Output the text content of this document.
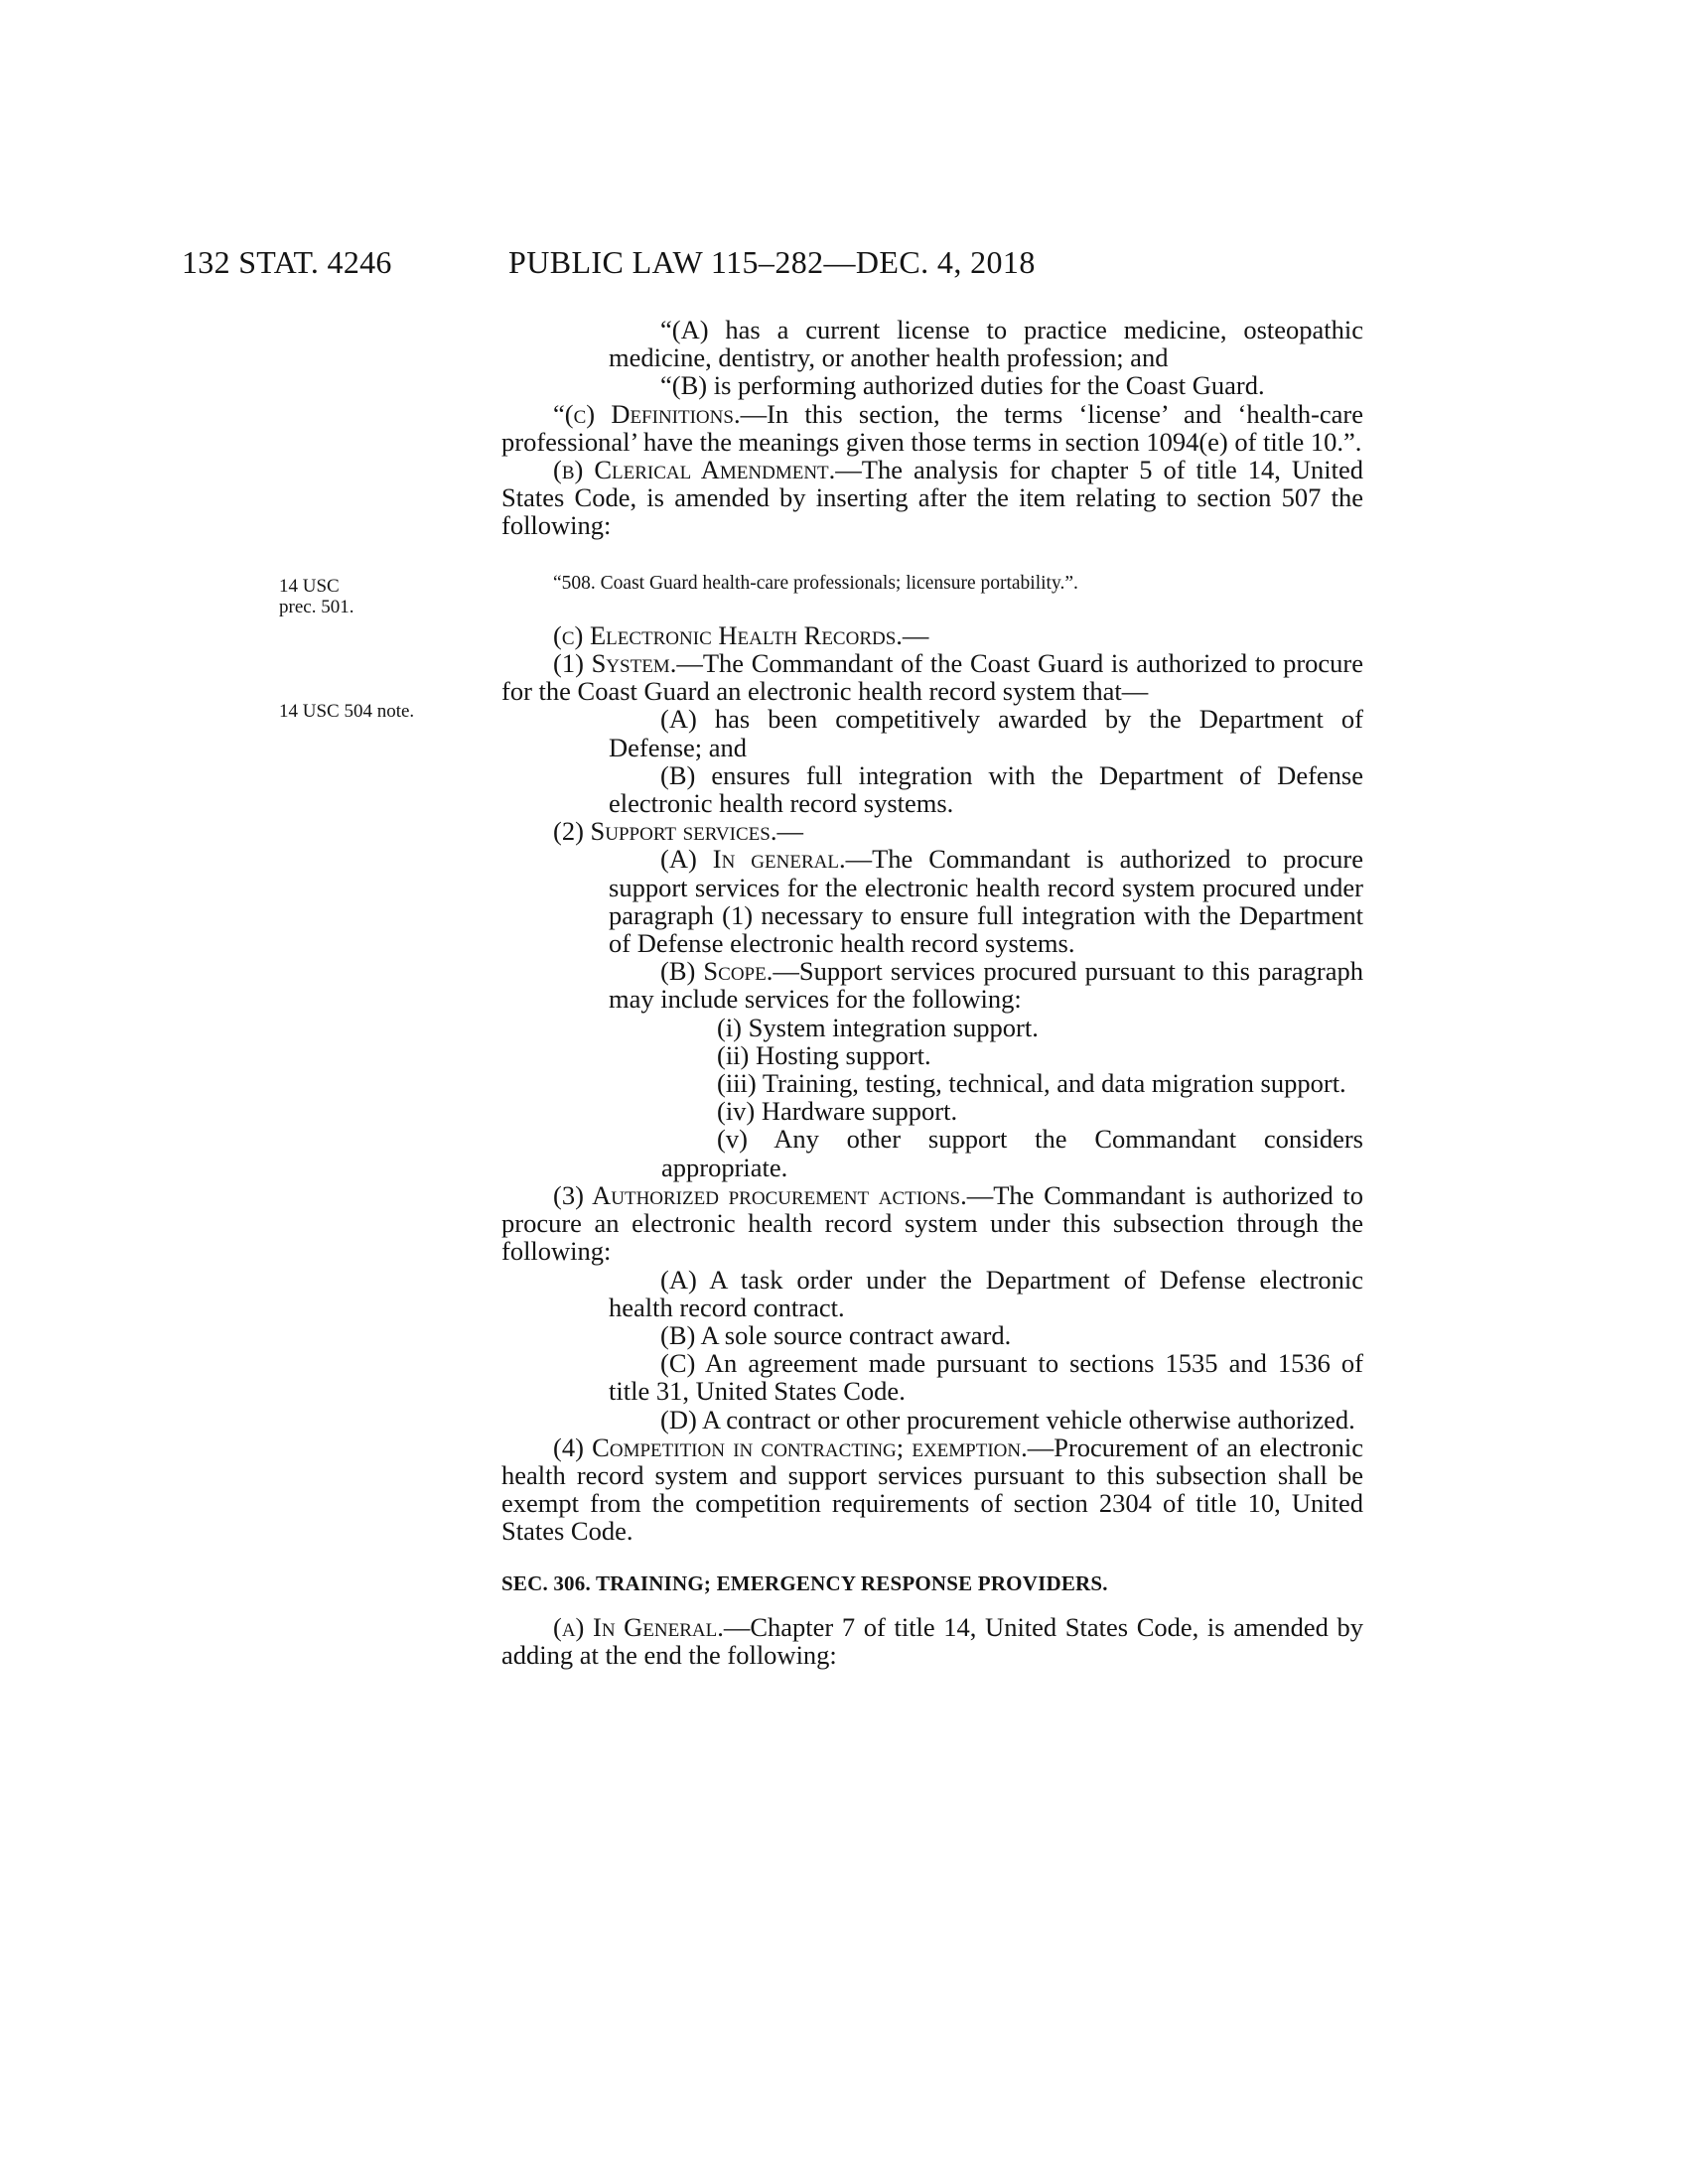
132 STAT. 4246	PUBLIC LAW 115–282—DEC. 4, 2018
14 USC
prec. 501.
14 USC 504 note.

“(A) has a current license to practice medicine, osteopathic medicine, dentistry, or another health profession; and

“(B) is performing authorized duties for the Coast Guard.

“(c) Definitions.—In this section, the terms ‘license’ and ‘health-care professional’ have the meanings given those terms in section 1094(e) of title 10.”.

(b) Clerical Amendment.—The analysis for chapter 5 of title 14, United States Code, is amended by inserting after the item relating to section 507 the following:

“508. Coast Guard health-care professionals; licensure portability.”.

(c) Electronic Health Records.—

(1) System.—The Commandant of the Coast Guard is authorized to procure for the Coast Guard an electronic health record system that—

(A) has been competitively awarded by the Department of Defense; and

(B) ensures full integration with the Department of Defense electronic health record systems.

(2) Support services.—

(A) In general.—The Commandant is authorized to procure support services for the electronic health record system procured under paragraph (1) necessary to ensure full integration with the Department of Defense electronic health record systems.

(B) Scope.—Support services procured pursuant to this paragraph may include services for the following:

(i) System integration support.

(ii) Hosting support.

(iii) Training, testing, technical, and data migration support.

(iv) Hardware support.

(v) Any other support the Commandant considers appropriate.

(3) Authorized procurement actions.—The Commandant is authorized to procure an electronic health record system under this subsection through the following:

(A) A task order under the Department of Defense electronic health record contract.

(B) A sole source contract award.

(C) An agreement made pursuant to sections 1535 and 1536 of title 31, United States Code.

(D) A contract or other procurement vehicle otherwise authorized.

(4) Competition in contracting; exemption.—Procurement of an electronic health record system and support services pursuant to this subsection shall be exempt from the competition requirements of section 2304 of title 10, United States Code.

SEC. 306. TRAINING; EMERGENCY RESPONSE PROVIDERS.

(a) In General.—Chapter 7 of title 14, United States Code, is amended by adding at the end the following:
